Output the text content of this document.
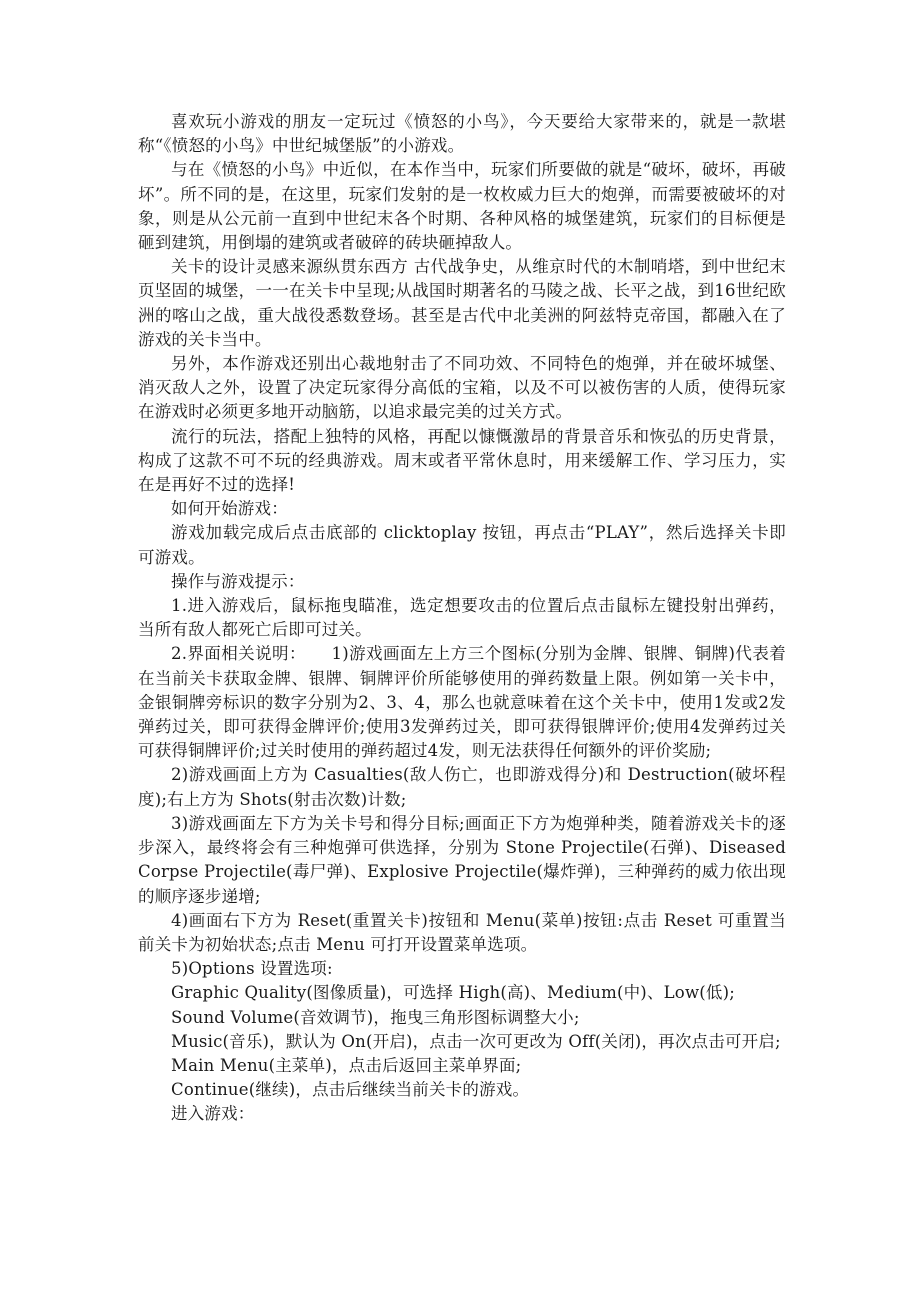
喜欢玩小游戏的朋友一定玩过《愤怒的小鸟》，今天要给大家带来的，就是一款堪称“《愤怒的小鸟》中世纪城堡版”的小游戏。

与在《愤怒的小鸟》中近似，在本作当中，玩家们所要做的就是“破坏，破坏，再破坏”。所不同的是，在这里，玩家们发射的是一枚枚威力巨大的炮弹，而需要被破坏的对象，则是从公元前一直到中世纪末各个时期、各种风格的城堡建筑，玩家们的目标便是砸到建筑，用倒塌的建筑或者破碎的砖块砸掉敌人。

关卡的设计灵感来源纵贯东西方 古代战争史，从维京时代的木制哨塔，到中世纪末页坚固的城堡，一一在关卡中呈现;从战国时期著名的马陵之战、长平之战，到16世纪欧洲的喀山之战，重大战役悉数登场。甚至是古代中北美洲的阿兹特克帝国，都融入在了游戏的关卡当中。

另外，本作游戏还别出心裁地射击了不同功效、不同特色的炮弹，并在破坏城堡、消灭敌人之外，设置了决定玩家得分高低的宝箱，以及不可以被伤害的人质，使得玩家在游戏时必须更多地开动脑筋，以追求最完美的过关方式。

流行的玩法，搭配上独特的风格，再配以慷慨激昂的背景音乐和恢弘的历史背景，构成了这款不可不玩的经典游戏。周末或者平常休息时，用来缓解工作、学习压力，实在是再好不过的选择!

如何开始游戏：

游戏加载完成后点击底部的 clicktoplay 按钮，再点击“PLAY”，然后选择关卡即可游戏。

操作与游戏提示：

1.进入游戏后，鼠标拖曳瞄准，选定想要攻击的位置后点击鼠标左键投射出弹药，当所有敌人都死亡后即可过关。

2.界面相关说明：　　1)游戏画面左上方三个图标(分别为金牌、银牌、铜牌)代表着在当前关卡获取金牌、银牌、铜牌评价所能够使用的弹药数量上限。例如第一关卡中，金银铜牌旁标识的数字分别为2、3、4，那么也就意味着在这个关卡中，使用1发或2发弹药过关，即可获得金牌评价;使用3发弹药过关，即可获得银牌评价;使用4发弹药过关可获得铜牌评价;过关时使用的弹药超过4发，则无法获得任何额外的评价奖励;

2)游戏画面上方为 Casualties(敌人伤亡，也即游戏得分)和 Destruction(破坏程度);右上方为 Shots(射击次数)计数;

3)游戏画面左下方为关卡号和得分目标;画面正下方为炮弹种类，随着游戏关卡的逐步深入，最终将会有三种炮弹可供选择，分别为 Stone Projectile(石弹)、Diseased Corpse Projectile(毒尸弹)、Explosive Projectile(爆炸弹)，三种弹药的威力依出现的顺序逐步递增;

4)画面右下方为 Reset(重置关卡)按钮和 Menu(菜单)按钮:点击 Reset 可重置当前关卡为初始状态;点击 Menu 可打开设置菜单选项。

5)Options 设置选项:

Graphic Quality(图像质量)，可选择 High(高)、Medium(中)、Low(低);

Sound Volume(音效调节)，拖曳三角形图标调整大小;

Music(音乐)，默认为 On(开启)，点击一次可更改为 Off(关闭)，再次点击可开启;

Main Menu(主菜单)，点击后返回主菜单界面;

Continue(继续)，点击后继续当前关卡的游戏。

进入游戏：
